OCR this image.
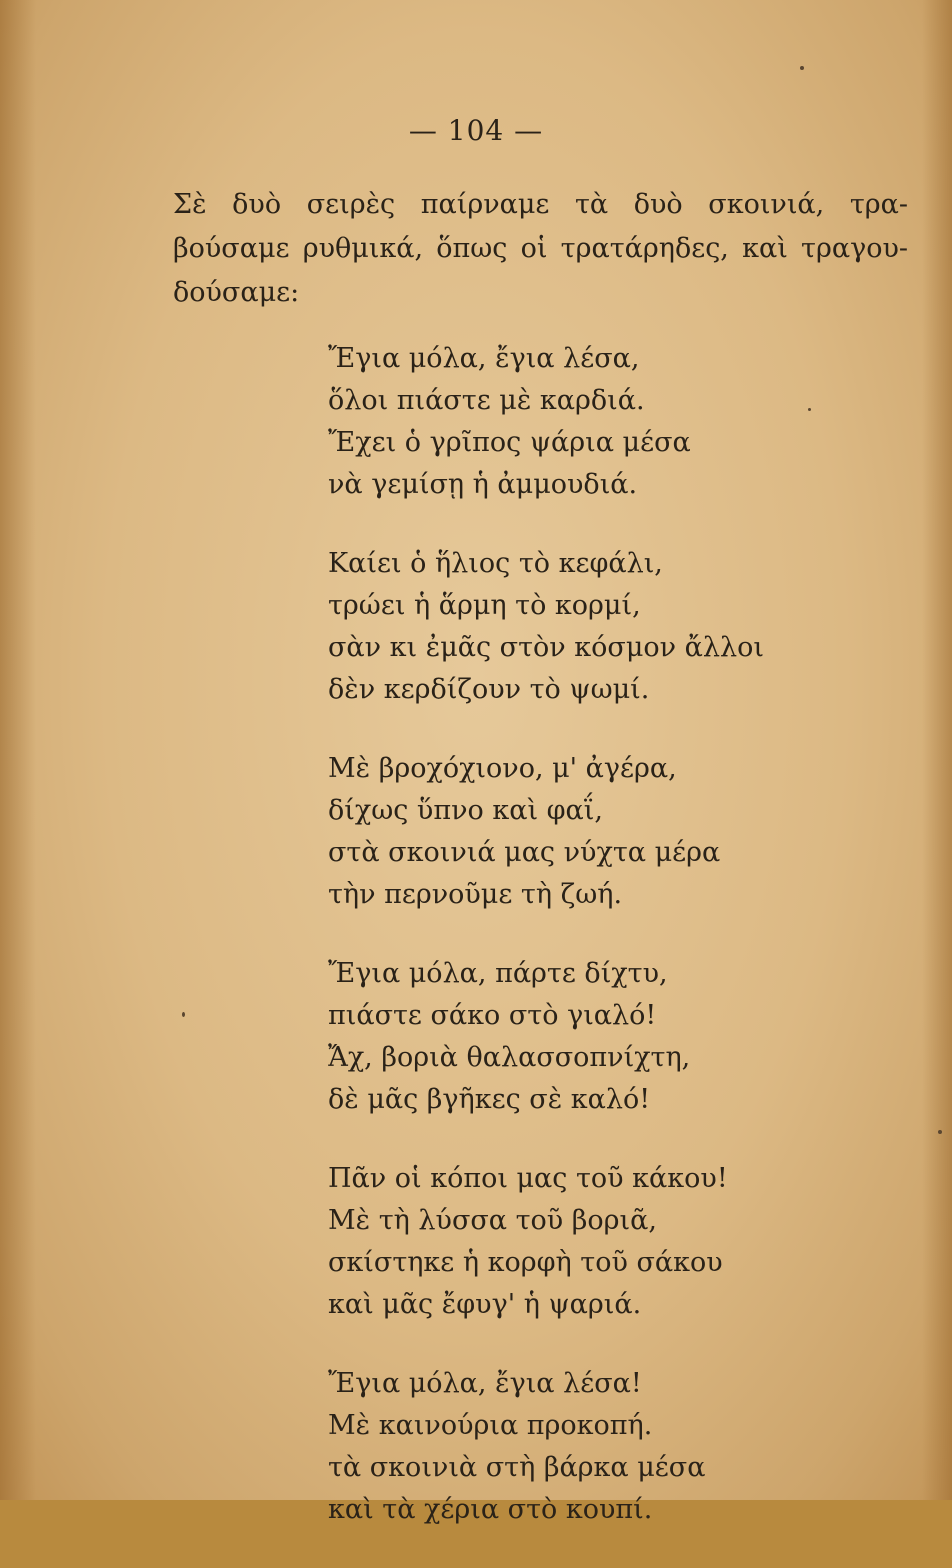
— 104 —
Σὲ δυὸ σειρὲς παίρναμε τὰ δυὸ σκοινιά, τρα-
βούσαμε ρυθμικά, ὅπως οἱ τρατάρηδες, καὶ τραγου-
δούσαμε:
Ἔγια μόλα, ἔγια λέσα,
ὅλοι πιάστε μὲ καρδιά.
Ἔχει ὁ γρῖπος ψάρια μέσα
νὰ γεμίσῃ ἡ ἀμμουδιά.
Καίει ὁ ἥλιος τὸ κεφάλι,
τρώει ἡ ἅρμη τὸ κορμί,
σὰν κι ἐμᾶς στὸν κόσμον ἄλλοι
δὲν κερδίζουν τὸ ψωμί.
Μὲ βροχόχιονο, μ' ἀγέρα,
δίχως ὕπνο καὶ φαΐ,
στὰ σκοινιά μας νύχτα μέρα
τὴν περνοῦμε τὴ ζωή.
Ἔγια μόλα, πάρτε δίχτυ,
πιάστε σάκο στὸ γιαλό!
Ἄχ, βοριὰ θαλασσοπνίχτη,
δὲ μᾶς βγῆκες σὲ καλό!
Πᾶν οἱ κόποι μας τοῦ κάκου!
Μὲ τὴ λύσσα τοῦ βοριᾶ,
σκίστηκε ἡ κορφὴ τοῦ σάκου
καὶ μᾶς ἔφυγ' ἡ ψαριά.
Ἔγια μόλα, ἔγια λέσα!
Μὲ καινούρια προκοπή.
τὰ σκοινιὰ στὴ βάρκα μέσα
καὶ τὰ χέρια στὸ κουπί.
